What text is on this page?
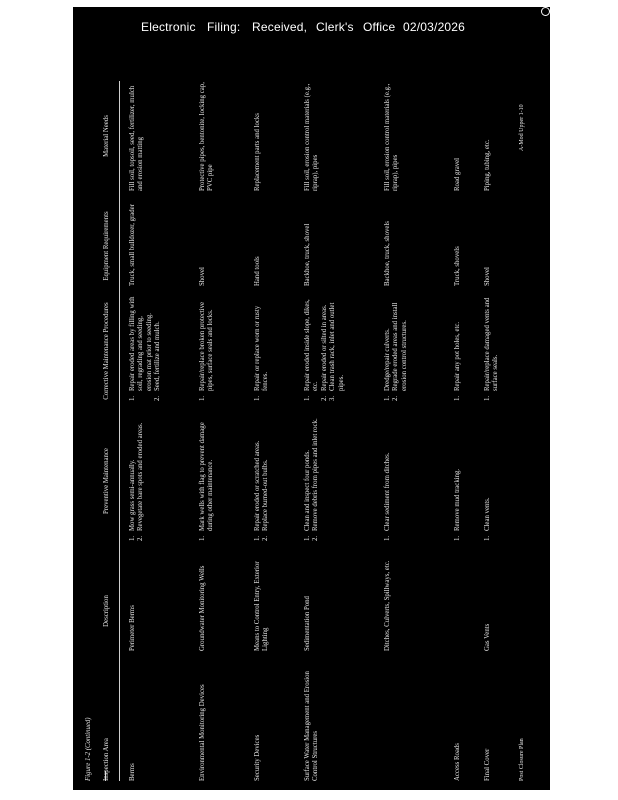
Electronic Filing: Received, Clerk's Office 02/03/2026
Figure 1-2 (Continued) Inspection Area
Description
Preventive Maintenance
Corrective Maintenance Procedures
Equipment Requirements
Material Needs
Berms
Perimeter Berms
1.
Mow grass semi-annually.
2.
Revegetate bare spots and eroded areas.
1.
Repair eroded areas by filling with soil, regrading and seeding, erosion mat prior to seeding.
2.
Seed, fertilize and mulch.
Truck, small bulldozer, grader
Fill soil, topsoil, seed, fertilizer, mulch and erosion matting
Environmental Monitoring Devices
Groundwater Monitoring Wells
1.
Mark wells with flag to prevent damage during other maintenance.
1.
Repair/replace broken protective pipes, surface seals and locks.
Shovel
Protective pipes, bentonite, locking cap, PVC pipe
Security Devices
Means to Control Entry, Exterior Lighting
1.
Repair eroded or scratched areas.
2.
Replace burned-out bulbs.
1.
Repair or replace worn or rusty fences.
Hand tools
Replacement parts and locks
Surface Water Management and Erosion Control Structures
Sedimentation Pond
1.
Clean and inspect four ponds.
2.
Remove debris from pipes and inlet rock.
1.
Repair eroded inside slope, dikes, etc.
2.
Repair eroded or silted in areas.
3.
Clean trash rack, inlet and outlet pipes.
Backhoe, truck, shovel
Fill soil, erosion control materials (e.g., riprap), pipes
Ditches, Culverts, Spillways, etc.
1.
Clear sediment from ditches.
1.
Dredge/repair culverts.
2.
Regrade eroded areas and install erosion control structures.
Backhoe, truck, shovels
Fill soil, erosion control materials (e.g., riprap), pipes
Access Roads
1.
Remove mud tracking.
1.
Repair any pot holes, etc.
Truck, shovels
Road gravel
Final Cover
Gas Vents
1.
Clean vents.
1.
Repair/replace damaged vents and surface seals.
Shovel
Piping, tubing, etc.
Post Closure Plan
A-Mod Upper 1-10
